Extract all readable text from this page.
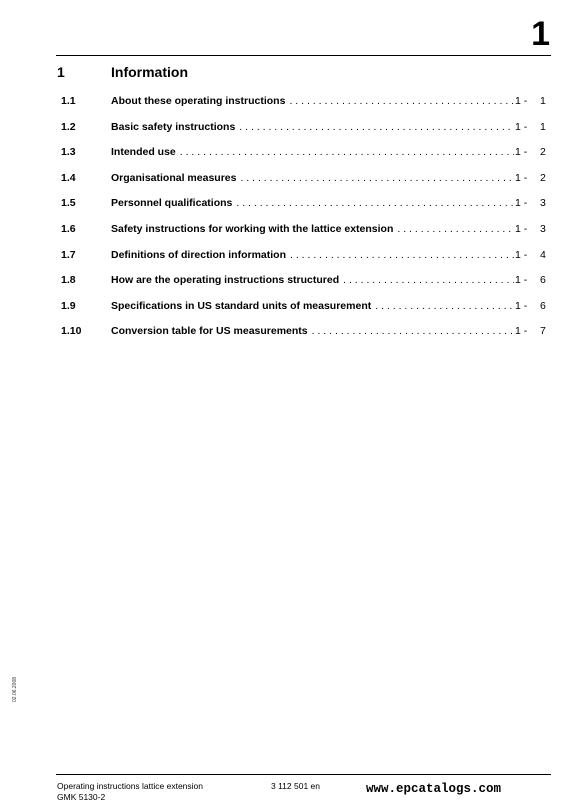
1
1	Information
1.1	About these operating instructions . . .	1 - 1
1.2	Basic safety instructions . . .	1 - 1
1.3	Intended use . . .	1 - 2
1.4	Organisational measures . . .	1 - 2
1.5	Personnel qualifications . . .	1 - 3
1.6	Safety instructions for working with the lattice extension . . .	1 - 3
1.7	Definitions of direction information . . .	1 - 4
1.8	How are the operating instructions structured . . .	1 - 6
1.9	Specifications in US standard units of measurement . . .	1 - 6
1.10	Conversion table for US measurements . . .	1 - 7
02.06.2008
Operating instructions lattice extension
GMK 5130-2
3 112 501 en	www.epcatalogs.com
